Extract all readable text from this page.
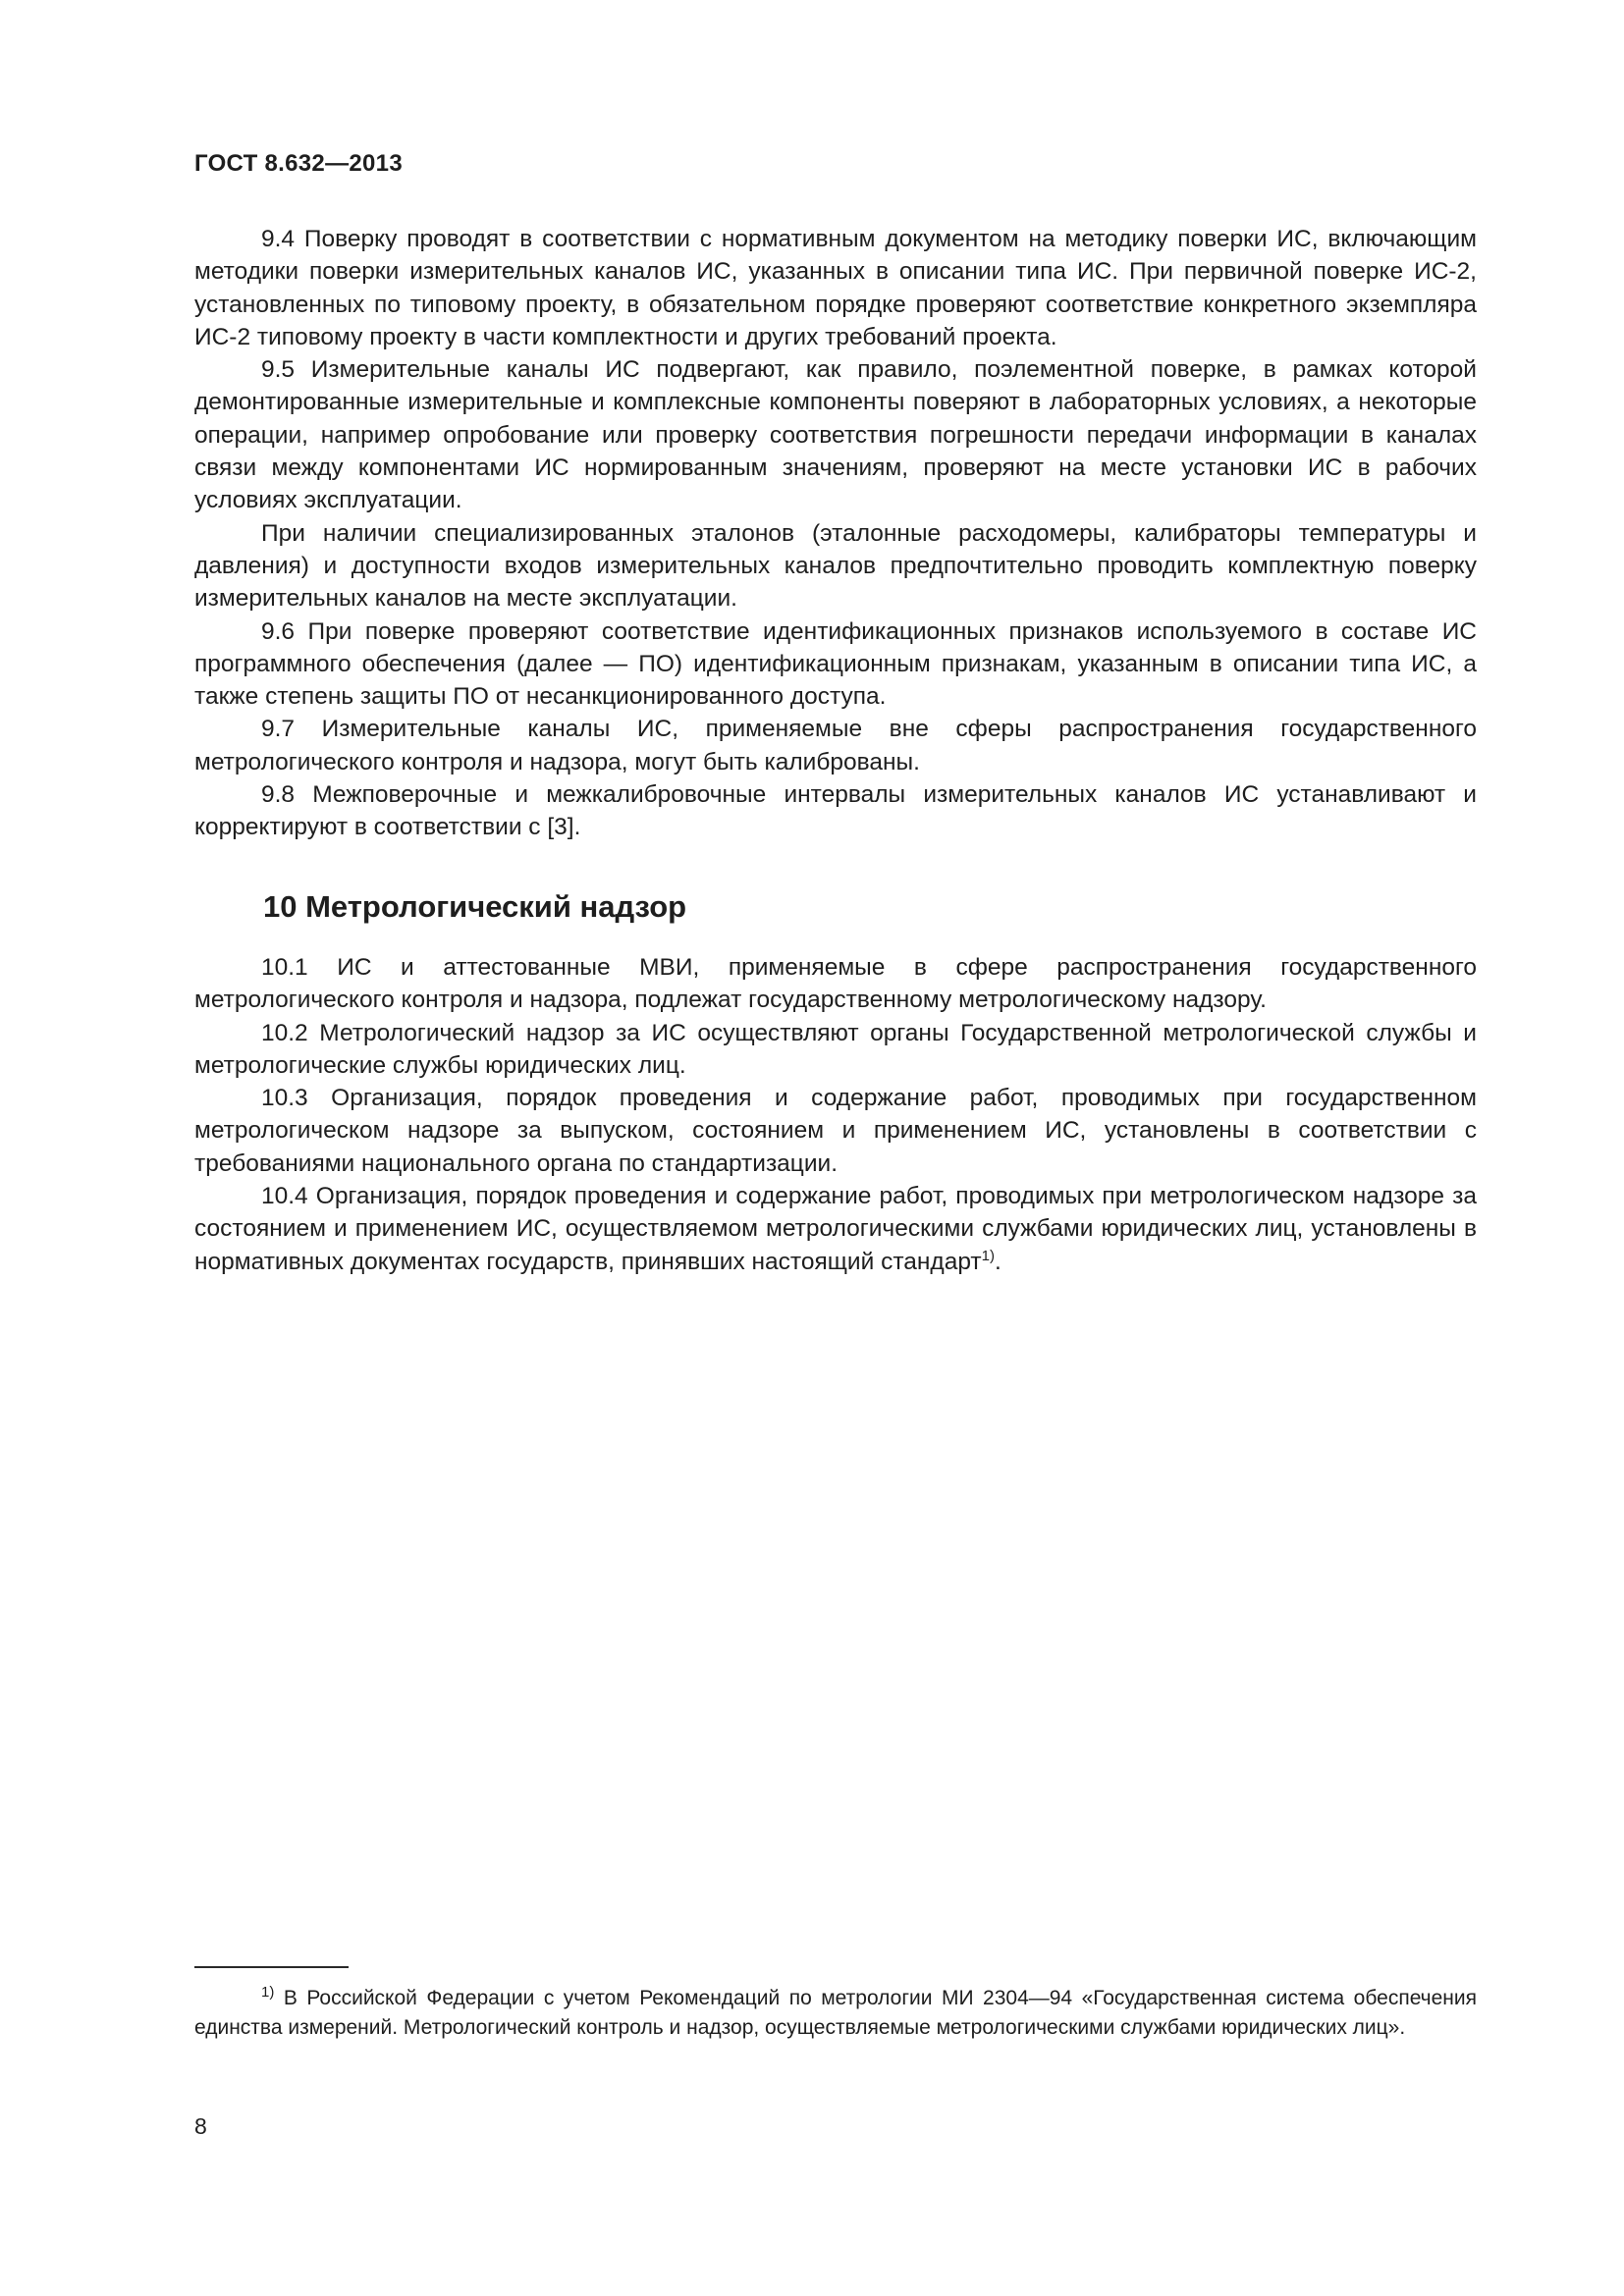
ГОСТ 8.632—2013

9.4 Поверку проводят в соответствии с нормативным документом на методику поверки ИС, включающим методики поверки измерительных каналов ИС, указанных в описании типа ИС. При первичной поверке ИС-2, установленных по типовому проекту, в обязательном порядке проверяют соответствие конкретного экземпляра ИС-2 типовому проекту в части комплектности и других требований проекта.

9.5 Измерительные каналы ИС подвергают, как правило, поэлементной поверке, в рамках которой демонтированные измерительные и комплексные компоненты поверяют в лабораторных условиях, а некоторые операции, например опробование или проверку соответствия погрешности передачи информации в каналах связи между компонентами ИС нормированным значениям, проверяют на месте установки ИС в рабочих условиях эксплуатации.

При наличии специализированных эталонов (эталонные расходомеры, калибраторы температуры и давления) и доступности входов измерительных каналов предпочтительно проводить комплектную поверку измерительных каналов на месте эксплуатации.

9.6 При поверке проверяют соответствие идентификационных признаков используемого в составе ИС программного обеспечения (далее — ПО) идентификационным признакам, указанным в описании типа ИС, а также степень защиты ПО от несанкционированного доступа.

9.7 Измерительные каналы ИС, применяемые вне сферы распространения государственного метрологического контроля и надзора, могут быть калиброваны.

9.8 Межповерочные и межкалибровочные интервалы измерительных каналов ИС устанавливают и корректируют в соответствии с [3].

10 Метрологический надзор

10.1 ИС и аттестованные МВИ, применяемые в сфере распространения государственного метрологического контроля и надзора, подлежат государственному метрологическому надзору.

10.2 Метрологический надзор за ИС осуществляют органы Государственной метрологической службы и метрологические службы юридических лиц.

10.3 Организация, порядок проведения и содержание работ, проводимых при государственном метрологическом надзоре за выпуском, состоянием и применением ИС, установлены в соответствии с требованиями национального органа по стандартизации.

10.4 Организация, порядок проведения и содержание работ, проводимых при метрологическом надзоре за состоянием и применением ИС, осуществляемом метрологическими службами юридических лиц, установлены в нормативных документах государств, принявших настоящий стандарт$^{1)}$.

$^{1)}$ В Российской Федерации с учетом Рекомендаций по метрологии МИ 2304—94 «Государственная система обеспечения единства измерений. Метрологический контроль и надзор, осуществляемые метрологическими службами юридических лиц».

8
